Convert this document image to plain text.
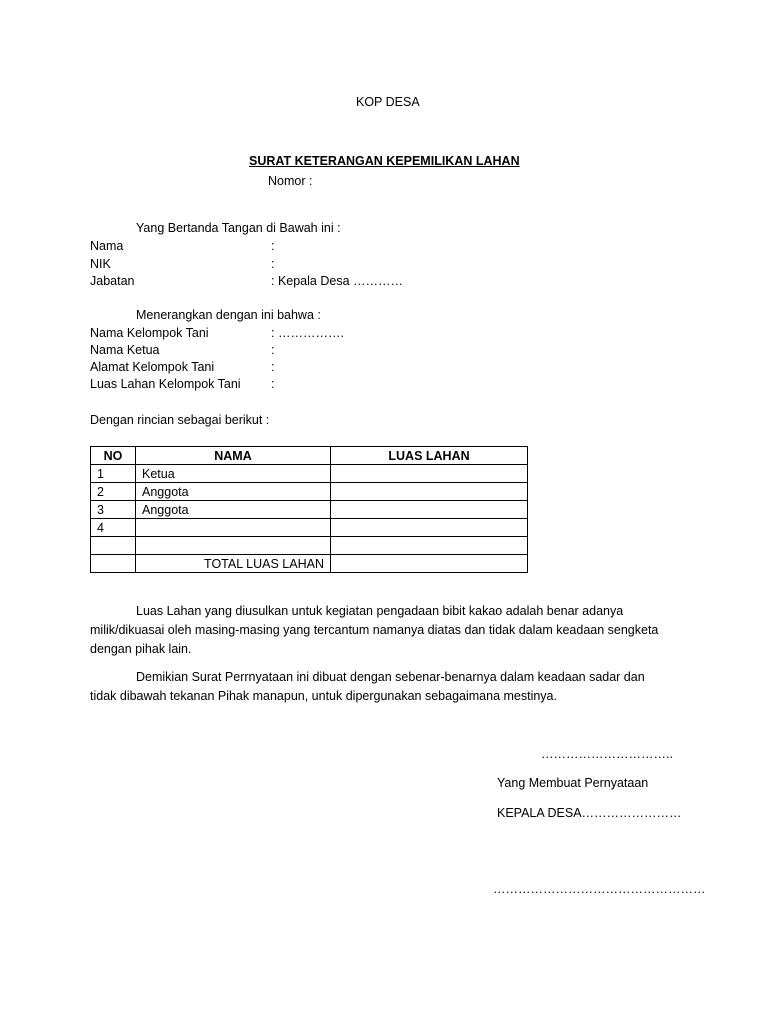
KOP DESA
SURAT KETERANGAN KEPEMILIKAN LAHAN
Nomor :
Yang Bertanda Tangan di Bawah ini :
Nama	:
NIK	:
Jabatan	: Kepala Desa …………
Menerangkan dengan ini bahwa :
Nama Kelompok Tani	: …………….
Nama Ketua	:
Alamat Kelompok Tani	:
Luas Lahan Kelompok Tani :
Dengan rincian sebagai berikut :
NO	NAMA	LUAS LAHAN
1	Ketua	
2	Anggota	
3	Anggota	
4		

	TOTAL LUAS LAHAN	
Luas Lahan yang diusulkan untuk kegiatan pengadaan bibit kakao adalah benar adanya milik/dikuasai oleh masing-masing yang tercantum namanya diatas dan tidak dalam keadaan sengketa dengan pihak lain.
Demikian Surat Perrnyataan ini dibuat dengan sebenar-benarnya dalam keadaan sadar dan tidak dibawah tekanan Pihak manapun, untuk dipergunakan sebagaimana mestinya.
…………………………..
Yang Membuat Pernyataan
KEPALA DESA……………………
……………………………………………
